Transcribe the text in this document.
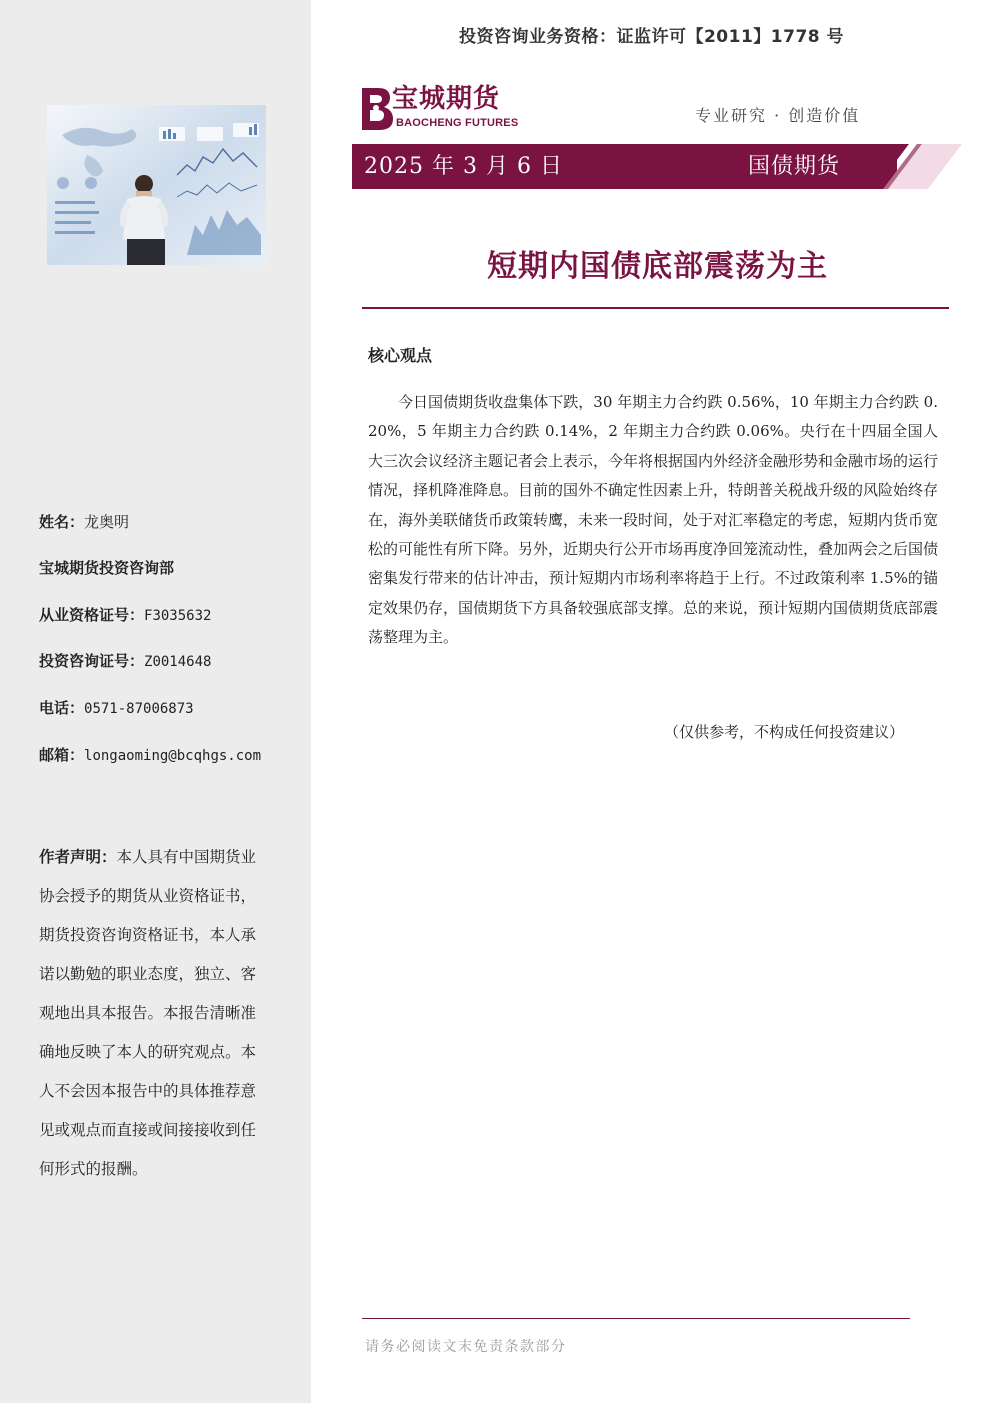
姓名：龙奥明
宝城期货投资咨询部
从业资格证号：F3035632
投资咨询证号：Z0014648
电话：0571-87006873
邮箱：longaoming@bcqhgs.com
作者声明：本人具有中国期货业协会授予的期货从业资格证书，期货投资咨询资格证书，本人承诺以勤勉的职业态度，独立、客观地出具本报告。本报告清晰准确地反映了本人的研究观点。本人不会因本报告中的具体推荐意见或观点而直接或间接接收到任何形式的报酬。
投资咨询业务资格：证监许可【2011】1778 号
宝城期货
BAOCHENG FUTURES	专业研究 · 创造价值
2025 年 3 月 6 日	国债期货
短期内国债底部震荡为主
核心观点
今日国债期货收盘集体下跌，30 年期主力合约跌 0.56%，10 年期主力合约跌 0.20%，5 年期主力合约跌 0.14%，2 年期主力合约跌 0.06%。央行在十四届全国人大三次会议经济主题记者会上表示，今年将根据国内外经济金融形势和金融市场的运行情况，择机降准降息。目前的国外不确定性因素上升，特朗普关税战升级的风险始终存在，海外美联储货币政策转鹰，未来一段时间，处于对汇率稳定的考虑，短期内货币宽松的可能性有所下降。另外，近期央行公开市场再度净回笼流动性，叠加两会之后国债密集发行带来的估计冲击，预计短期内市场利率将趋于上行。不过政策利率 1.5%的锚定效果仍存，国债期货下方具备较强底部支撑。总的来说，预计短期内国债期货底部震荡整理为主。
（仅供参考，不构成任何投资建议）
请务必阅读文末免责条款部分
